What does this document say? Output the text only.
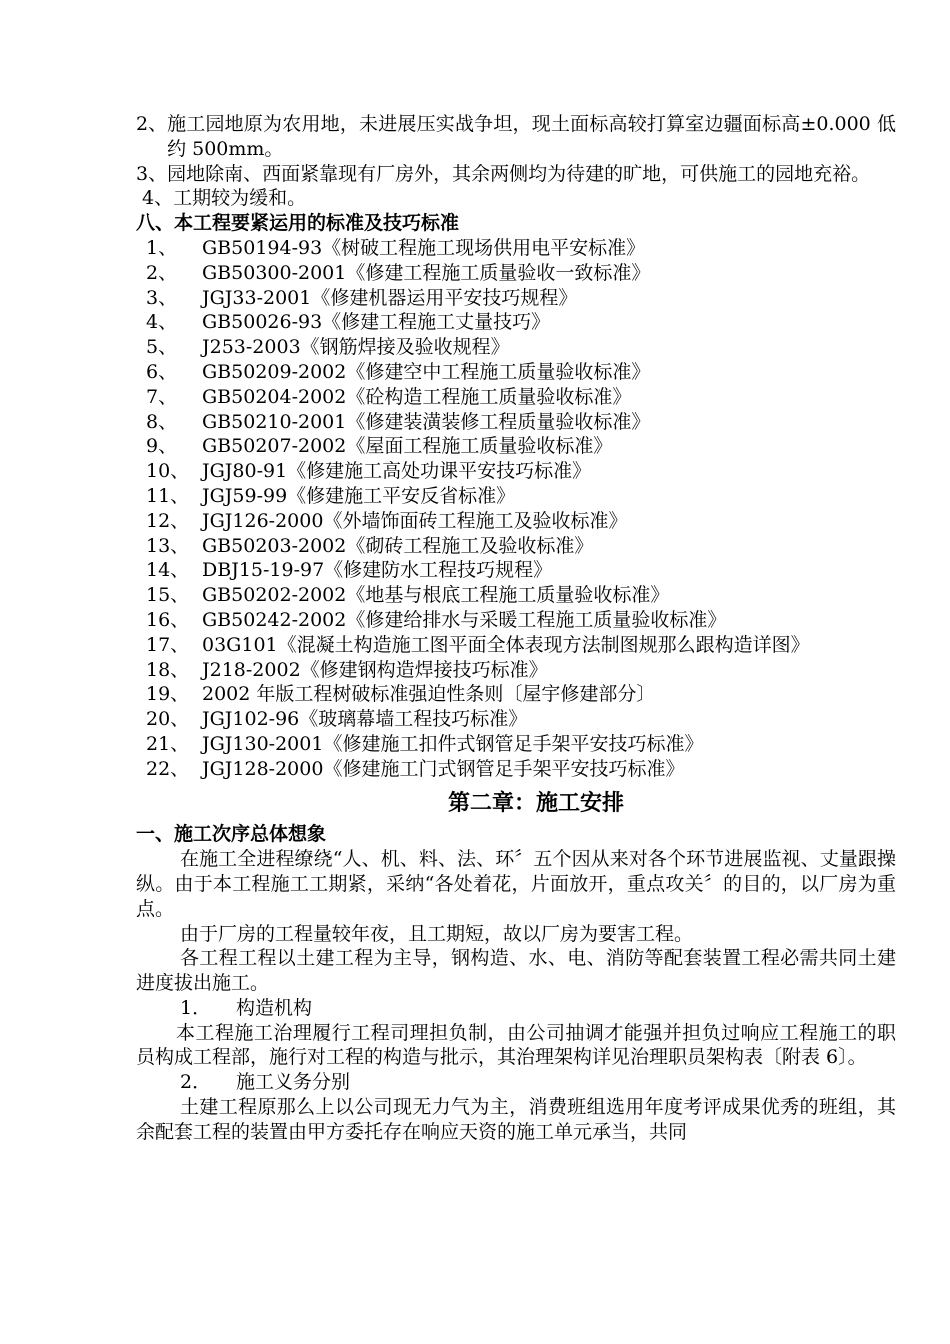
2、 施工园地原为农用地，未进展压实战争坦，现土面标高较打算室边疆面标高±0.000 低约 500mm。
3、 园地除南、西面紧靠现有厂房外，其余两侧均为待建的旷地，可供施工的园地充裕。
4、 工期较为缓和。
八、本工程要紧运用的标准及技巧标准
1、	GB50194-93《树破工程施工现场供用电平安标准》
2、	GB50300-2001《修建工程施工质量验收一致标准》
3、	JGJ33-2001《修建机器运用平安技巧规程》
4、	GB50026-93《修建工程施工丈量技巧》
5、	J253-2003《钢筋焊接及验收规程》
6、	GB50209-2002《修建空中工程施工质量验收标准》
7、	GB50204-2002《砼构造工程施工质量验收标准》
8、	GB50210-2001《修建装潢装修工程质量验收标准》
9、	GB50207-2002《屋面工程施工质量验收标准》
10、 JGJ80-91《修建施工高处功课平安技巧标准》
11、 JGJ59-99《修建施工平安反省标准》
12、 JGJ126-2000《外墙饰面砖工程施工及验收标准》
13、 GB50203-2002《砌砖工程施工及验收标准》
14、 DBJ15-19-97《修建防水工程技巧规程》
15、 GB50202-2002《地基与根底工程施工质量验收标准》
16、 GB50242-2002《修建给排水与采暖工程施工质量验收标准》
17、 03G101《混凝土构造施工图平面全体表现方法制图规那么跟构造详图》
18、 J218-2002《修建钢构造焊接技巧标准》
19、 2002 年版工程树破标准强迫性条则〔屋宇修建部分〕
20、 JGJ102-96《玻璃幕墙工程技巧标准》
21、 JGJ130-2001《修建施工扣件式钢管足手架平安技巧标准》
22、 JGJ128-2000《修建施工门式钢管足手架平安技巧标准》
第二章：施工安排
一、施工次序总体想象
在施工全进程缭绕“人、机、料、法、环〞五个因从来对各个环节进展监视、丈量跟操纵。由于本工程施工工期紧，采纳“各处着花，片面放开，重点攻关〞的目的，以厂房为重点。
由于厂房的工程量较年夜，且工期短，故以厂房为要害工程。
各工程工程以土建工程为主导，钢构造、水、电、消防等配套装置工程必需共同土建进度拔出施工。
1．	构造机构
本工程施工治理履行工程司理担负制，由公司抽调才能强并担负过响应工程施工的职员构成工程部，施行对工程的构造与批示，其治理架构详见治理职员架构表〔附表 6〕。
2．	施工义务分别
土建工程原那么上以公司现无力气为主，消费班组选用年度考评成果优秀的班组，其余配套工程的装置由甲方委托存在响应天资的施工单元承当，共同
